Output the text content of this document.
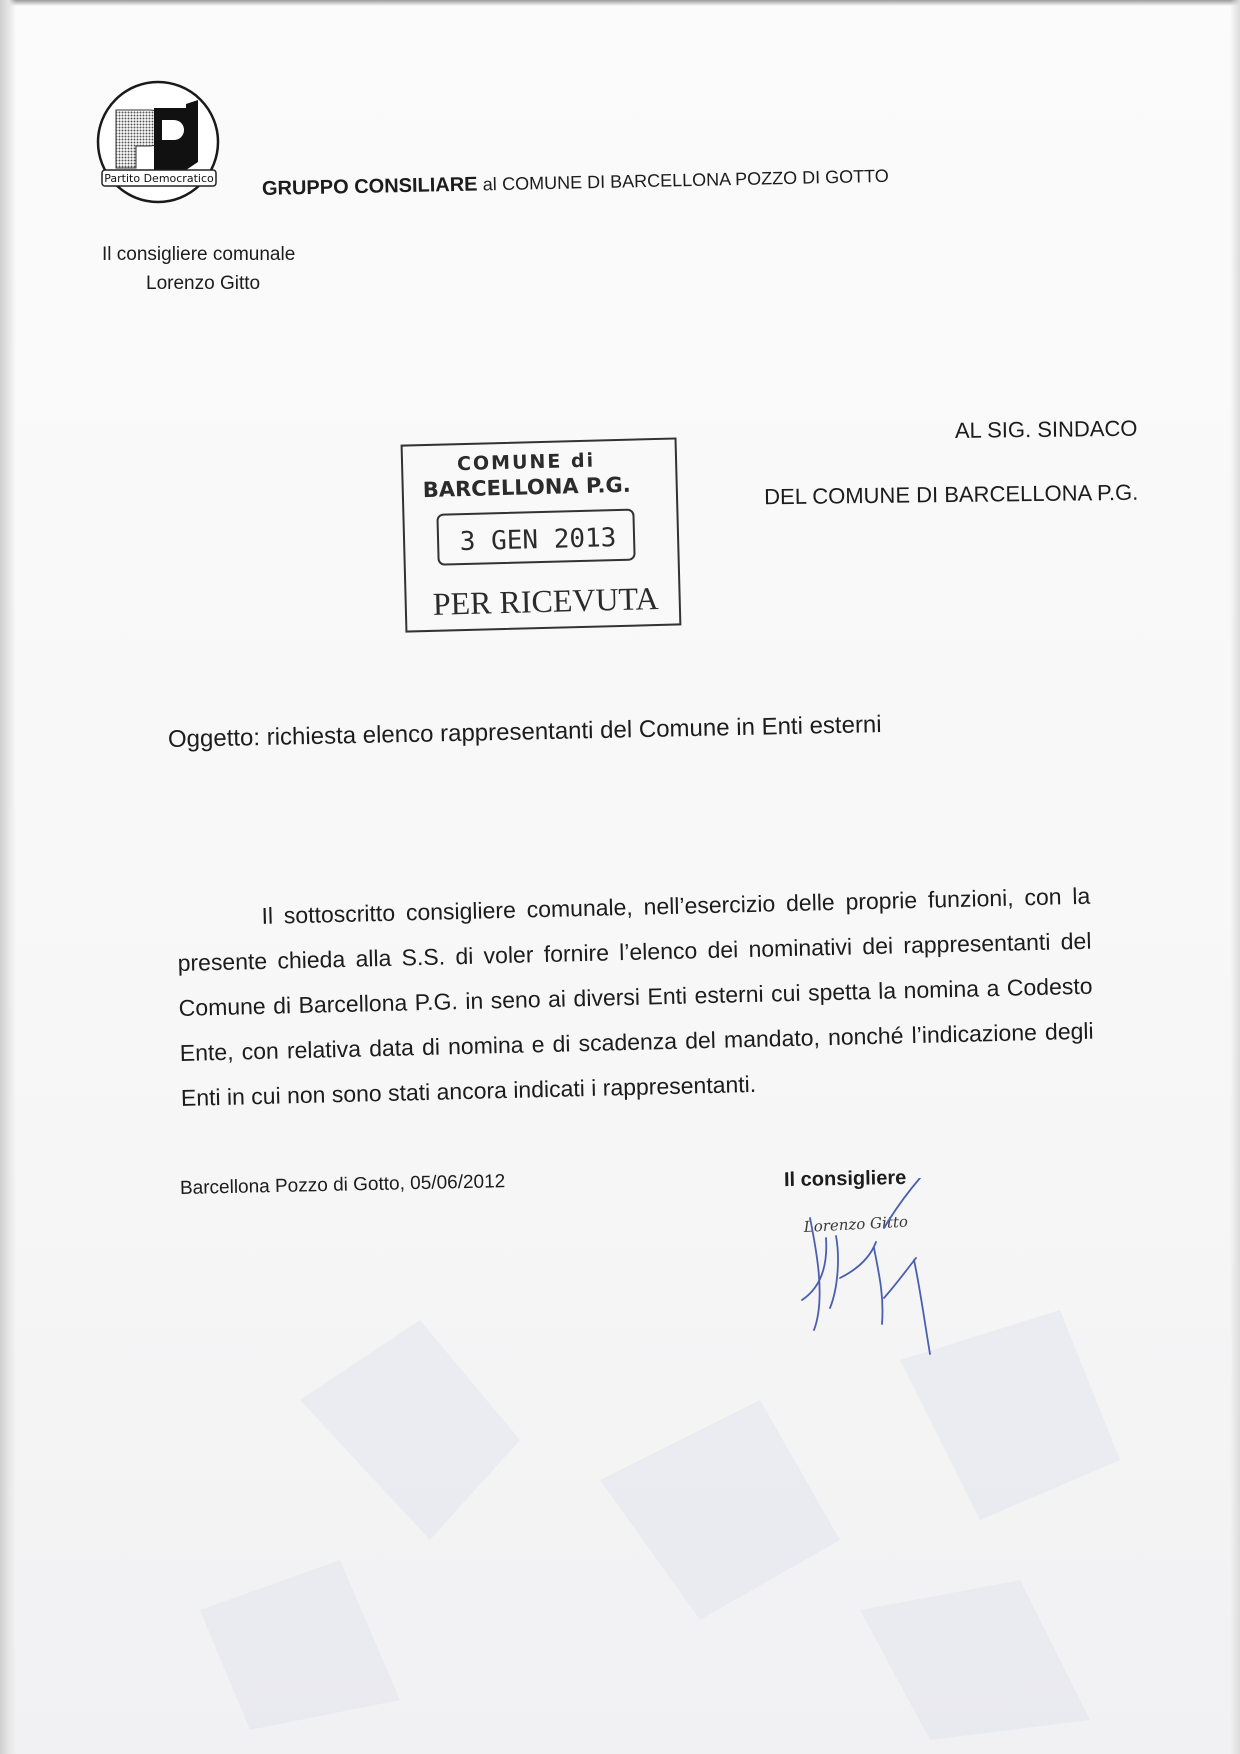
Partito Democratico GRUPPO CONSILIARE al COMUNE DI BARCELLONA POZZO DI GOTTO
Il consigliere comunale
Lorenzo Gitto
AL SIG. SINDACO
DEL COMUNE DI BARCELLONA P.G.
COMUNE di
BARCELLONA P.G.
3 GEN 2013
PER RICEVUTA
Oggetto: richiesta elenco rappresentanti del Comune in Enti esterni

Il sottoscritto consigliere comunale, nell’esercizio delle proprie funzioni, con la presente chieda alla S.S. di voler fornire l’elenco dei nominativi dei rappresentanti del Comune di Barcellona P.G. in seno ai diversi Enti esterni cui spetta la nomina a Codesto Ente, con relativa data di nomina e di scadenza del mandato, nonché l’indicazione degli Enti in cui non sono stati ancora indicati i rappresentanti.

Barcellona Pozzo di Gotto, 05/06/2012	Il consigliere
Lorenzo Gitto
